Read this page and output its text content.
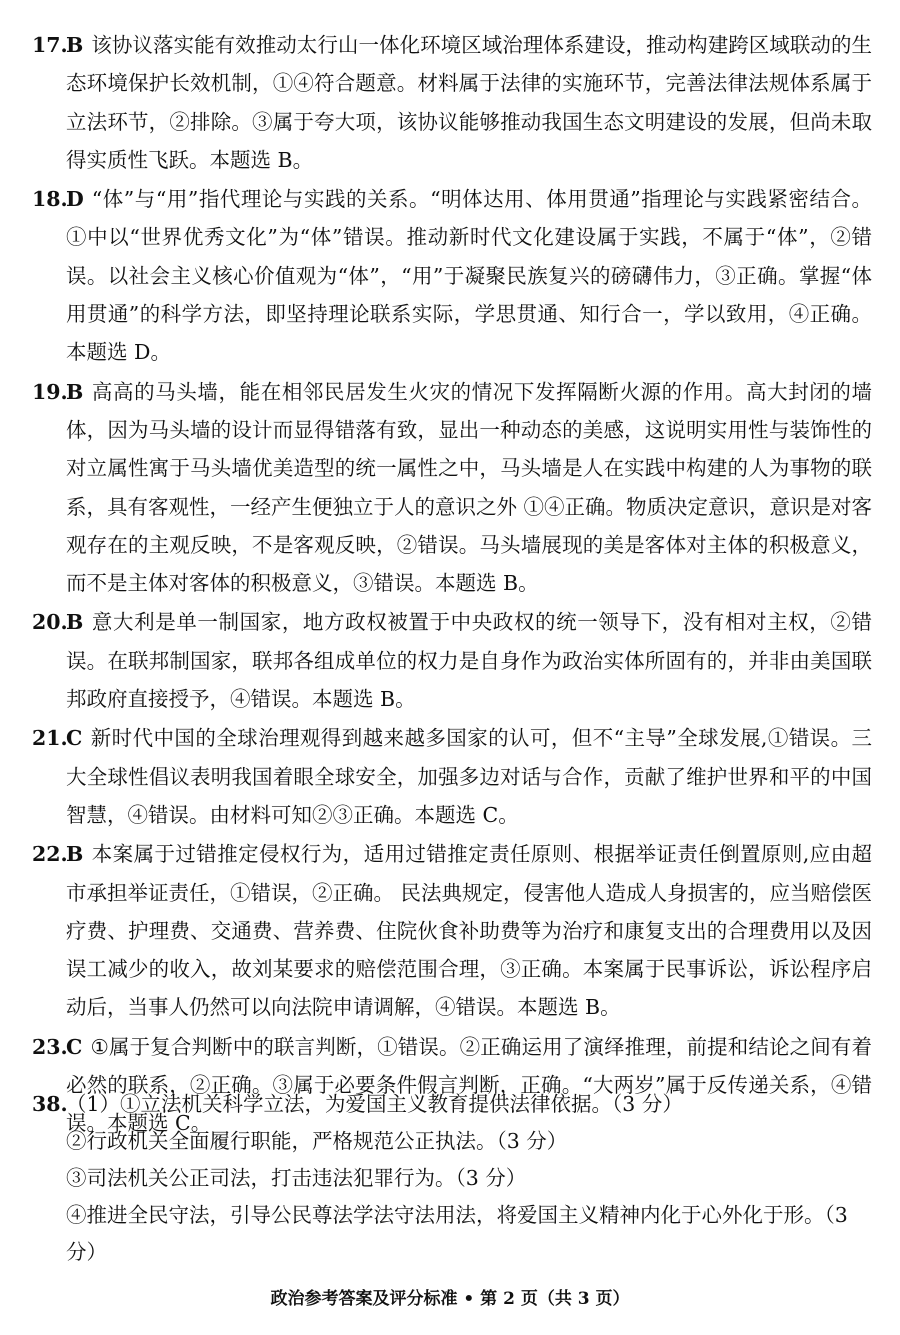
17.
B 该协议落实能有效推动太行山一体化环境区域治理体系建设，推动构建跨区域联动的生态环境保护长效机制，①④符合题意。材料属于法律的实施环节，完善法律法规体系属于立法环节，②排除。③属于夸大项，该协议能够推动我国生态文明建设的发展，但尚未取得实质性飞跃。本题选 B。
18.
D “体”与“用”指代理论与实践的关系。“明体达用、体用贯通”指理论与实践紧密结合。①中以“世界优秀文化”为“体”错误。推动新时代文化建设属于实践，不属于“体”，②错误。以社会主义核心价值观为“体”，“用”于凝聚民族复兴的磅礴伟力，③正确。掌握“体用贯通”的科学方法，即坚持理论联系实际，学思贯通、知行合一，学以致用，④正确。本题选 D。
19.
B 高高的马头墙，能在相邻民居发生火灾的情况下发挥隔断火源的作用。高大封闭的墙体，因为马头墙的设计而显得错落有致，显出一种动态的美感，这说明实用性与装饰性的对立属性寓于马头墙优美造型的统一属性之中，马头墙是人在实践中构建的人为事物的联系，具有客观性，一经产生便独立于人的意识之外 ①④正确。物质决定意识，意识是对客观存在的主观反映，不是客观反映，②错误。马头墙展现的美是客体对主体的积极意义，而不是主体对客体的积极意义，③错误。本题选 B。
20.
B 意大利是单一制国家，地方政权被置于中央政权的统一领导下，没有相对主权，②错误。在联邦制国家，联邦各组成单位的权力是自身作为政治实体所固有的，并非由美国联邦政府直接授予，④错误。本题选 B。
21.
C 新时代中国的全球治理观得到越来越多国家的认可，但不“主导”全球发展,①错误。三大全球性倡议表明我国着眼全球安全，加强多边对话与合作，贡献了维护世界和平的中国智慧，④错误。由材料可知②③正确。本题选 C。
22.
B 本案属于过错推定侵权行为，适用过错推定责任原则、根据举证责任倒置原则,应由超市承担举证责任，①错误，②正确。 民法典规定，侵害他人造成人身损害的，应当赔偿医疗费、护理费、交通费、营养费、住院伙食补助费等为治疗和康复支出的合理费用以及因误工减少的收入，故刘某要求的赔偿范围合理，③正确。本案属于民事诉讼，诉讼程序启动后，当事人仍然可以向法院申请调解，④错误。本题选 B。
23.
C ①属于复合判断中的联言判断，①错误。②正确运用了演绎推理，前提和结论之间有着必然的联系，②正确。③属于必要条件假言判断，正确。“大两岁”属于反传递关系，④错误。本题选 C。
38.
（1）①立法机关科学立法，为爱国主义教育提供法律依据。（3 分）
②行政机关全面履行职能，严格规范公正执法。（3 分）
③司法机关公正司法，打击违法犯罪行为。（3 分）
④推进全民守法，引导公民尊法学法守法用法，将爱国主义精神内化于心外化于形。（3 分）
政治参考答案及评分标准 • 第 2 页（共 3 页）
